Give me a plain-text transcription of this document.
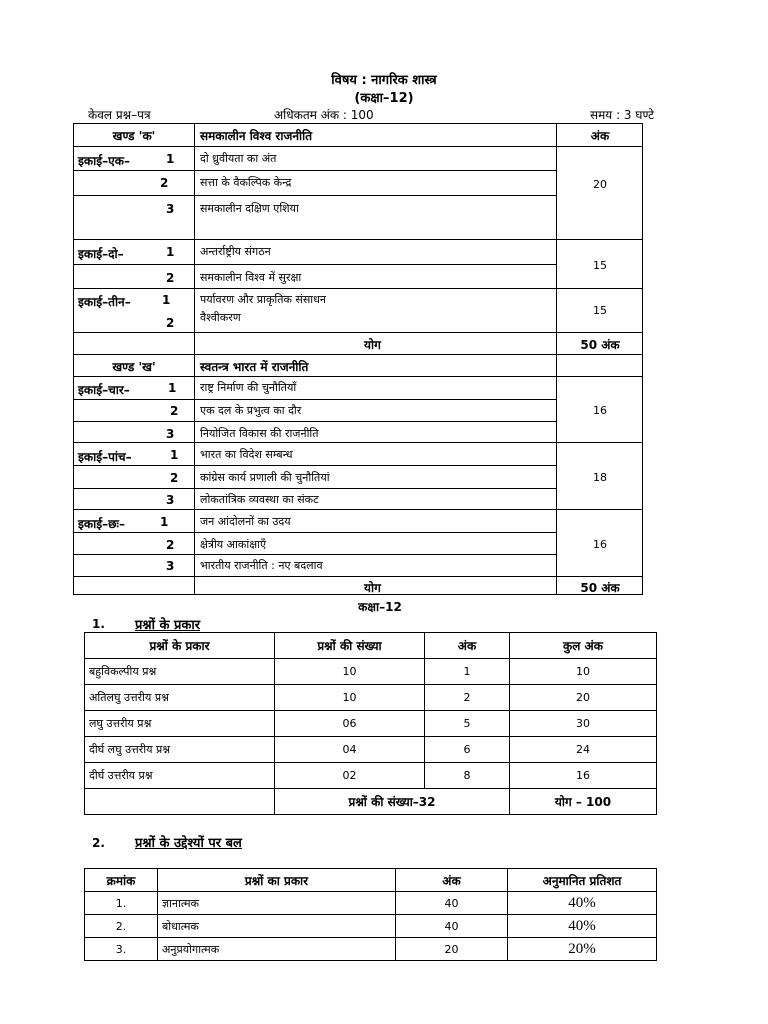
विषय : नागरिक शास्त्र
(कक्षा–12)
केवल प्रश्न–पत्र	अधिकतम अंक : 100	समय : 3 घण्टे
खण्ड 'क'	समकालीन विश्व राजनीति	अंक
इकाई–एक–	1 दो ध्रुवीयता का अंत
2	सत्ता के वैकल्पिक केन्द्र
3 समकालीन दक्षिण एशिया
20
इकाई–दो–	1 अन्तर्राष्ट्रीय संगठन
2 समकालीन विश्व में सुरक्षा
15
इकाई–तीन–	1	पर्यावरण और प्राकृतिक संसाधन
2 वैश्वीकरण
15
योग	50 अंक
खण्ड 'ख'	स्वतन्त्र भारत में राजनीति
इकाई–चार–	1 राष्ट्र निर्माण की चुनौतियाँ
2 एक दल के प्रभुत्व का दौर
3 नियोजित विकास की राजनीति
16
इकाई–पांच–	1 भारत का विदेश सम्बन्ध
2 कांग्रेस कार्य प्रणाली की चुनौतियां
3 लोकतांत्रिक व्यवस्था का संकट
18
इकाई–छः–	1	जन आंदोलनों का उदय
2 क्षेत्रीय आकांक्षाएँ
3 भारतीय राजनीति : नए बदलाव
16
योग	50 अंक
कक्षा–12
1. प्रश्नों के प्रकार
प्रश्नों के प्रकार	प्रश्नों की संख्या	अंक	कुल अंक
बहुविकल्पीय प्रश्न	10	1	10
अतिलघु उत्तरीय प्रश्न	10	2	20
लघु उत्तरीय प्रश्न	06	5	30
दीर्घ लघु उत्तरीय प्रश्न	04	6	24
दीर्घ उत्तरीय प्रश्न	02	8	16
	प्रश्नों की संख्या–32		योग – 100
2. प्रश्नों के उद्देश्यों पर बल
क्रमांक	प्रश्नों का प्रकार	अंक	अनुमानित प्रतिशत
1.	ज्ञानात्मक	40	40%
2.	बोधात्मक	40	40%
3.	अनुप्रयोगात्मक	20	20%
